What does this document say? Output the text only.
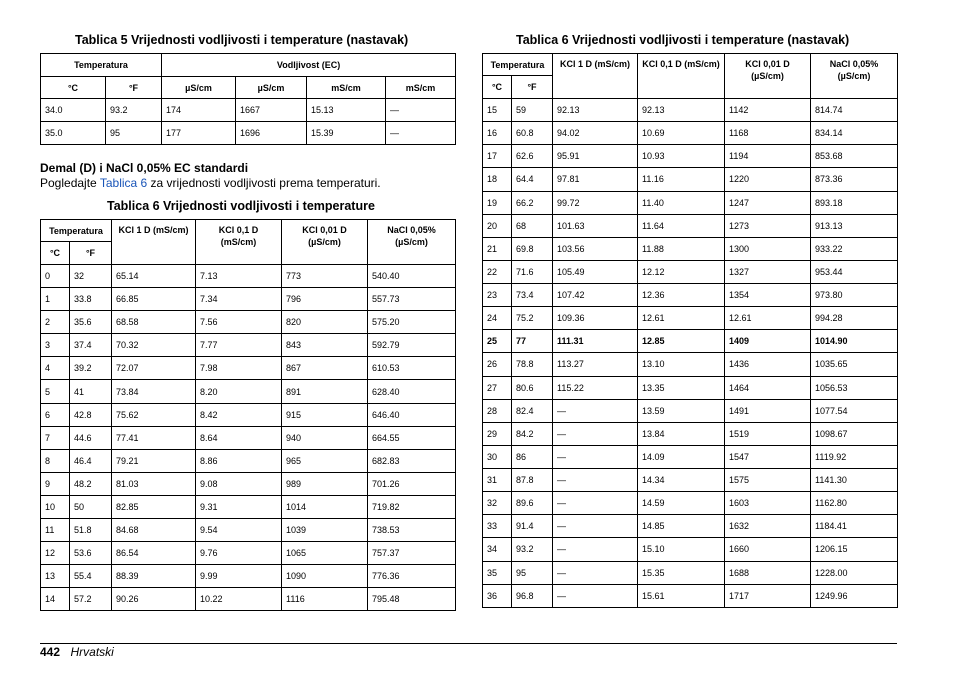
Tablica 5 Vrijednosti vodljivosti i temperature (nastavak)
Temperatura		Vodljivost (EC)			
°C	°F	µS/cm	µS/cm	mS/cm	mS/cm
34.0	93.2	174	1667	15.13	—
35.0	95	177	1696	15.39	—
Demal (D) i NaCl 0,05% EC standardi
Pogledajte Tablica 6 za vrijednosti vodljivosti prema temperaturi.
Tablica 6 Vrijednosti vodljivosti i temperature
Temperatura		KCl 1 D (mS/cm)	KCl 0,1 D (mS/cm)	KCl 0,01 D (µS/cm)	NaCl 0,05% (µS/cm)
°C	°F				
0	32	65.14	7.13	773	540.40
1	33.8	66.85	7.34	796	557.73
2	35.6	68.58	7.56	820	575.20
3	37.4	70.32	7.77	843	592.79
4	39.2	72.07	7.98	867	610.53
5	41	73.84	8.20	891	628.40
6	42.8	75.62	8.42	915	646.40
7	44.6	77.41	8.64	940	664.55
8	46.4	79.21	8.86	965	682.83
9	48.2	81.03	9.08	989	701.26
10	50	82.85	9.31	1014	719.82
11	51.8	84.68	9.54	1039	738.53
12	53.6	86.54	9.76	1065	757.37
13	55.4	88.39	9.99	1090	776.36
14	57.2	90.26	10.22	1116	795.48
Tablica 6 Vrijednosti vodljivosti i temperature (nastavak)
Temperatura		KCl 1 D (mS/cm)	KCl 0,1 D (mS/cm)	KCl 0,01 D (µS/cm)	NaCl 0,05% (µS/cm)
°C	°F				
15	59	92.13	92.13	1142	814.74
16	60.8	94.02	10.69	1168	834.14
17	62.6	95.91	10.93	1194	853.68
18	64.4	97.81	11.16	1220	873.36
19	66.2	99.72	11.40	1247	893.18
20	68	101.63	11.64	1273	913.13
21	69.8	103.56	11.88	1300	933.22
22	71.6	105.49	12.12	1327	953.44
23	73.4	107.42	12.36	1354	973.80
24	75.2	109.36	12.61	12.61	994.28
25	77	111.31	12.85	1409	1014.90
26	78.8	113.27	13.10	1436	1035.65
27	80.6	115.22	13.35	1464	1056.53
28	82.4	—	13.59	1491	1077.54
29	84.2	—	13.84	1519	1098.67
30	86	—	14.09	1547	1119.92
31	87.8	—	14.34	1575	1141.30
32	89.6	—	14.59	1603	1162.80
33	91.4	—	14.85	1632	1184.41
34	93.2	—	15.10	1660	1206.15
35	95	—	15.35	1688	1228.00
36	96.8	—	15.61	1717	1249.96
442 Hrvatski
